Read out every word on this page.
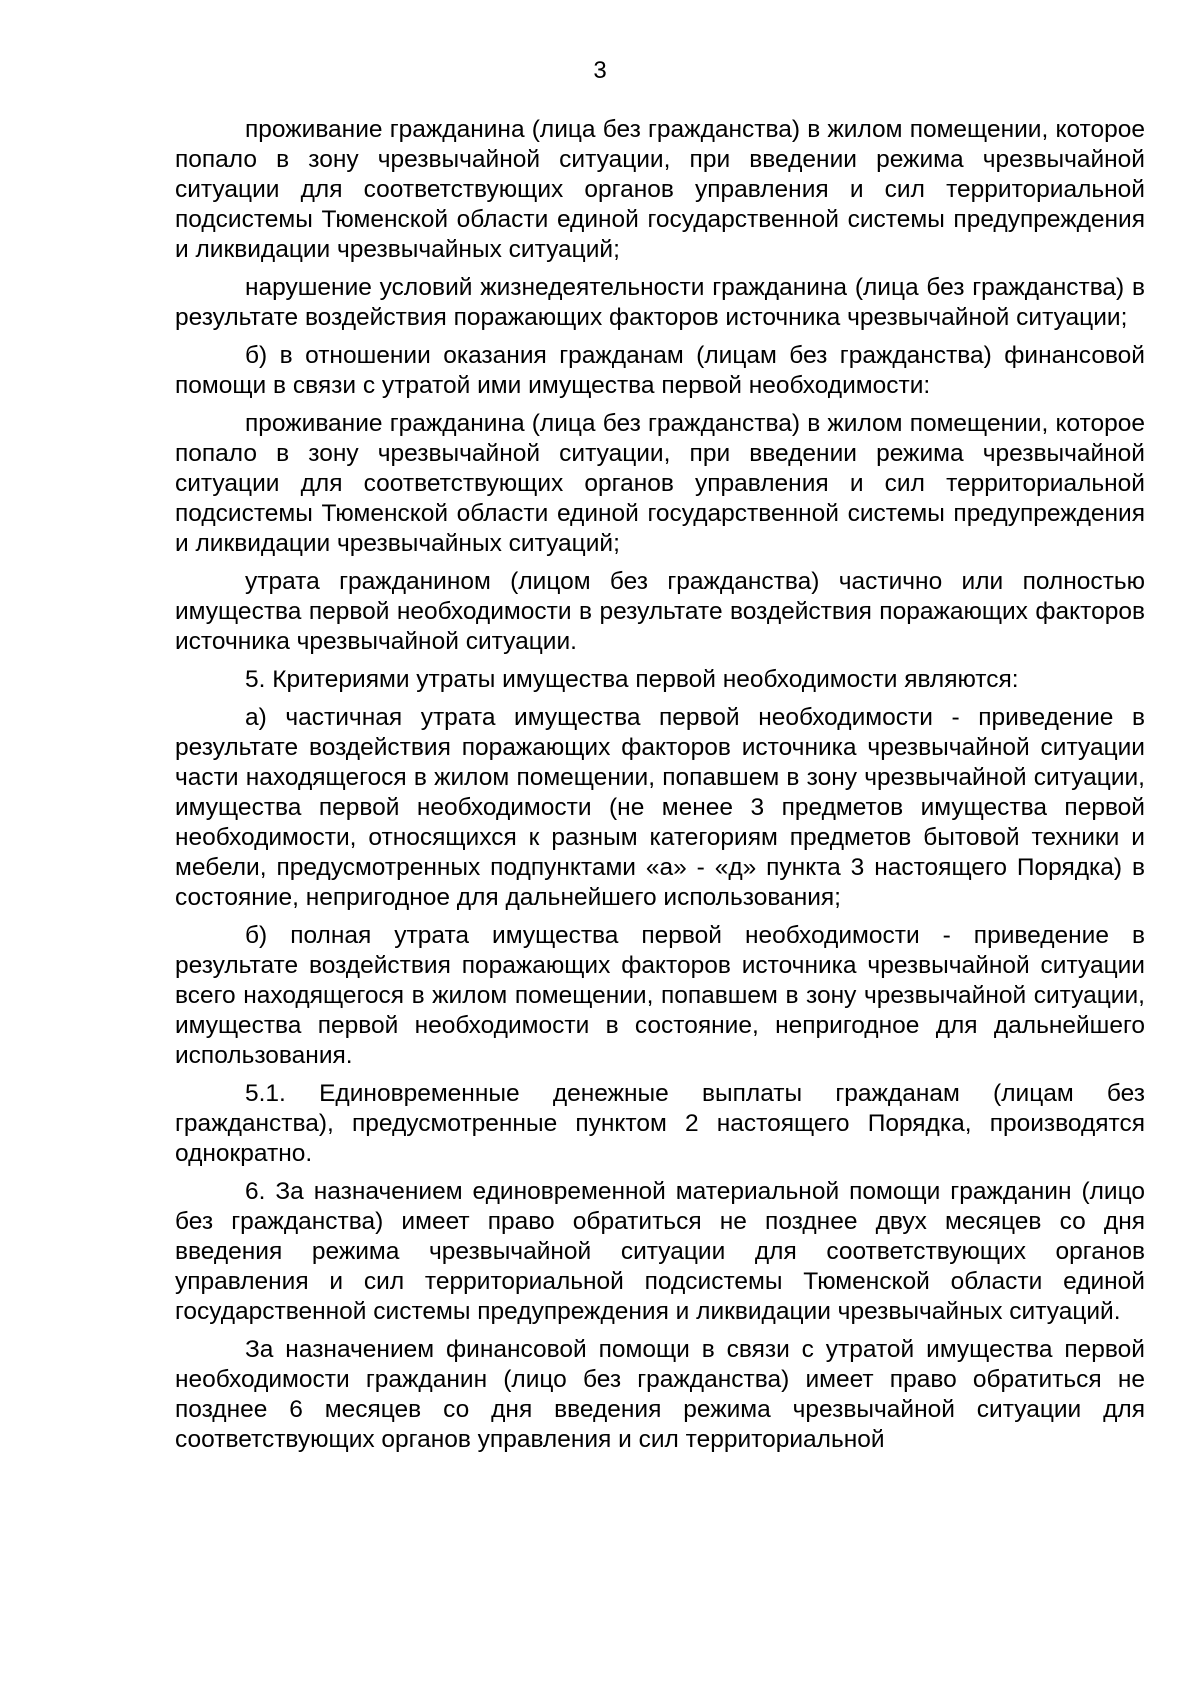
3

проживание гражданина (лица без гражданства) в жилом помещении, которое попало в зону чрезвычайной ситуации, при введении режима чрезвычайной ситуации для соответствующих органов управления и сил территориальной подсистемы Тюменской области единой государственной системы предупреждения и ликвидации чрезвычайных ситуаций;

нарушение условий жизнедеятельности гражданина (лица без гражданства) в результате воздействия поражающих факторов источника чрезвычайной ситуации;

б) в отношении оказания гражданам (лицам без гражданства) финансовой помощи в связи с утратой ими имущества первой необходимости:

проживание гражданина (лица без гражданства) в жилом помещении, которое попало в зону чрезвычайной ситуации, при введении режима чрезвычайной ситуации для соответствующих органов управления и сил территориальной подсистемы Тюменской области единой государственной системы предупреждения и ликвидации чрезвычайных ситуаций;

утрата гражданином (лицом без гражданства) частично или полностью имущества первой необходимости в результате воздействия поражающих факторов источника чрезвычайной ситуации.

5. Критериями утраты имущества первой необходимости являются:

а) частичная утрата имущества первой необходимости - приведение в результате воздействия поражающих факторов источника чрезвычайной ситуации части находящегося в жилом помещении, попавшем в зону чрезвычайной ситуации, имущества первой необходимости (не менее 3 предметов имущества первой необходимости, относящихся к разным категориям предметов бытовой техники и мебели, предусмотренных подпунктами «а» - «д» пункта 3 настоящего Порядка) в состояние, непригодное для дальнейшего использования;

б) полная утрата имущества первой необходимости - приведение в результате воздействия поражающих факторов источника чрезвычайной ситуации всего находящегося в жилом помещении, попавшем в зону чрезвычайной ситуации, имущества первой необходимости в состояние, непригодное для дальнейшего использования.

5.1. Единовременные денежные выплаты гражданам (лицам без гражданства), предусмотренные пунктом 2 настоящего Порядка, производятся однократно.

6. За назначением единовременной материальной помощи гражданин (лицо без гражданства) имеет право обратиться не позднее двух месяцев со дня введения режима чрезвычайной ситуации для соответствующих органов управления и сил территориальной подсистемы Тюменской области единой государственной системы предупреждения и ликвидации чрезвычайных ситуаций.

За назначением финансовой помощи в связи с утратой имущества первой необходимости гражданин (лицо без гражданства) имеет право обратиться не позднее 6 месяцев со дня введения режима чрезвычайной ситуации для соответствующих органов управления и сил территориальной
